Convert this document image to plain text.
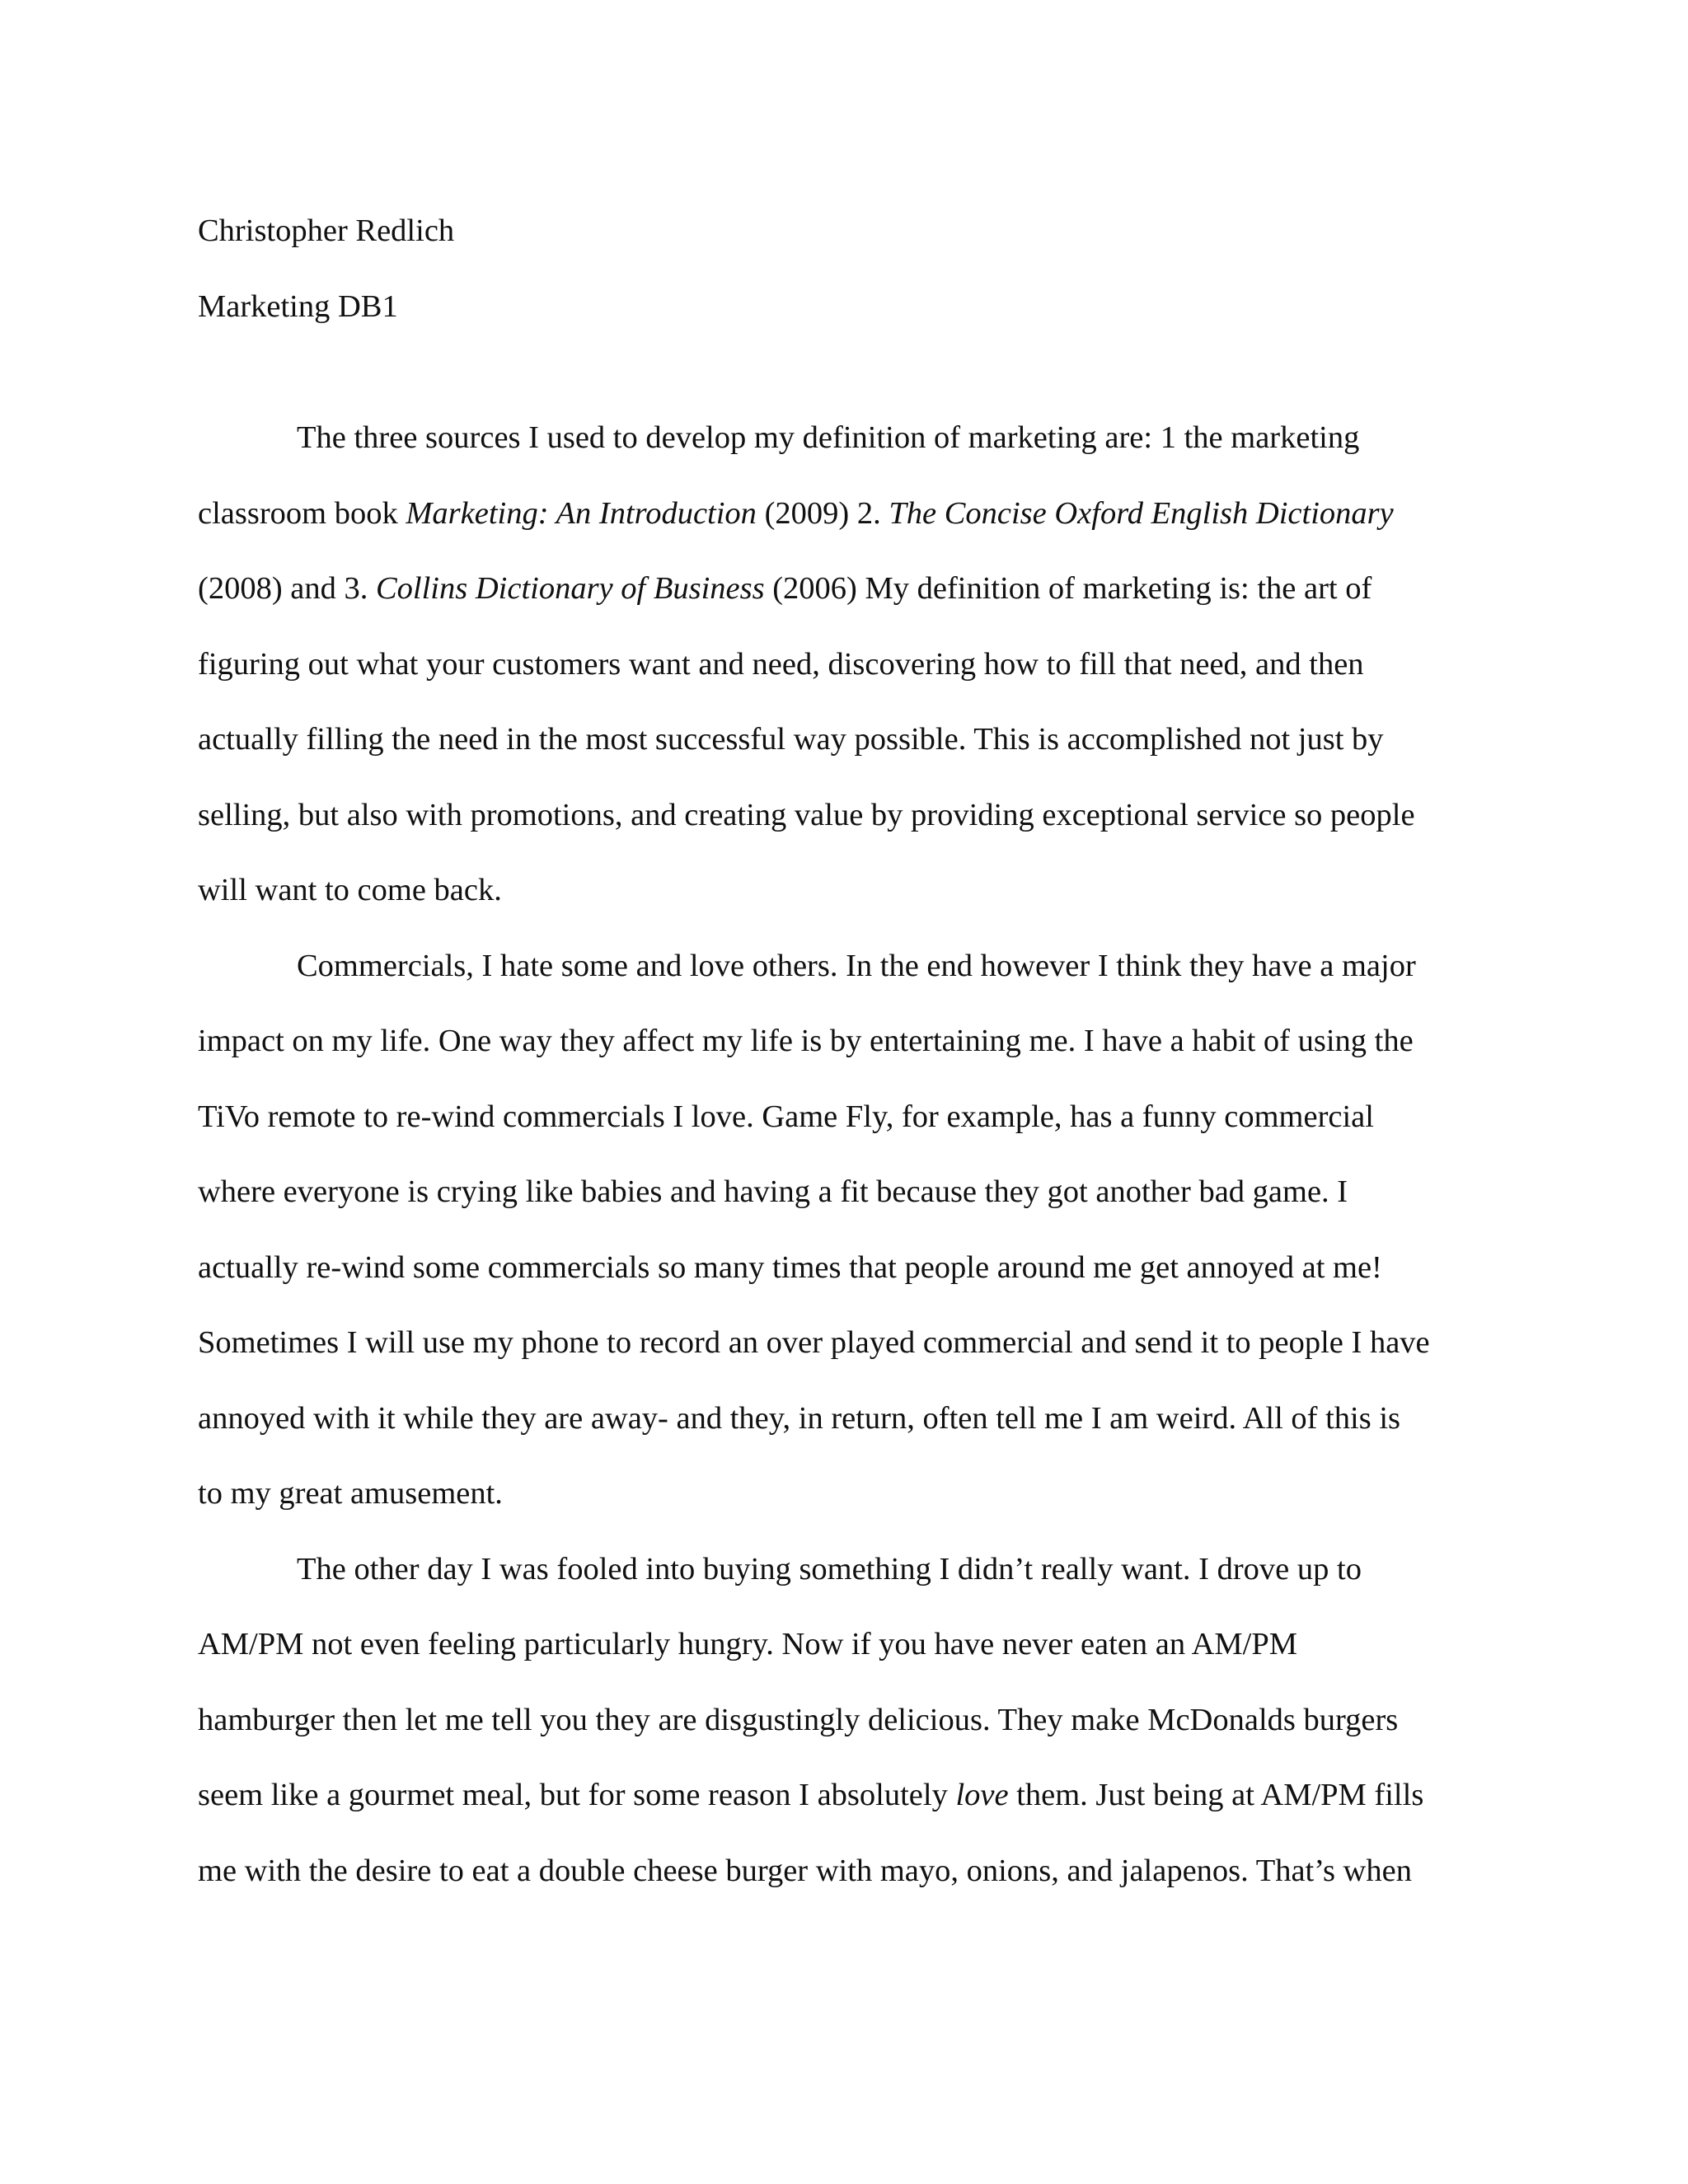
Christopher Redlich
Marketing DB1
The three sources I used to develop my definition of marketing are: 1 the marketing
classroom book Marketing: An Introduction (2009) 2. The Concise Oxford English Dictionary
(2008) and 3. Collins Dictionary of Business (2006) My definition of marketing is: the art of
figuring out what your customers want and need, discovering how to fill that need, and then
actually filling the need in the most successful way possible. This is accomplished not just by
selling, but also with promotions, and creating value by providing exceptional service so people
will want to come back.
Commercials, I hate some and love others. In the end however I think they have a major
impact on my life. One way they affect my life is by entertaining me. I have a habit of using the
TiVo remote to re-wind commercials I love. Game Fly, for example, has a funny commercial
where everyone is crying like babies and having a fit because they got another bad game. I
actually re-wind some commercials so many times that people around me get annoyed at me!
Sometimes I will use my phone to record an over played commercial and send it to people I have
annoyed with it while they are away- and they, in return, often tell me I am weird. All of this is
to my great amusement.
The other day I was fooled into buying something I didn’t really want. I drove up to
AM/PM not even feeling particularly hungry. Now if you have never eaten an AM/PM
hamburger then let me tell you they are disgustingly delicious. They make McDonalds burgers
seem like a gourmet meal, but for some reason I absolutely love them. Just being at AM/PM fills
me with the desire to eat a double cheese burger with mayo, onions, and jalapenos. That’s when
